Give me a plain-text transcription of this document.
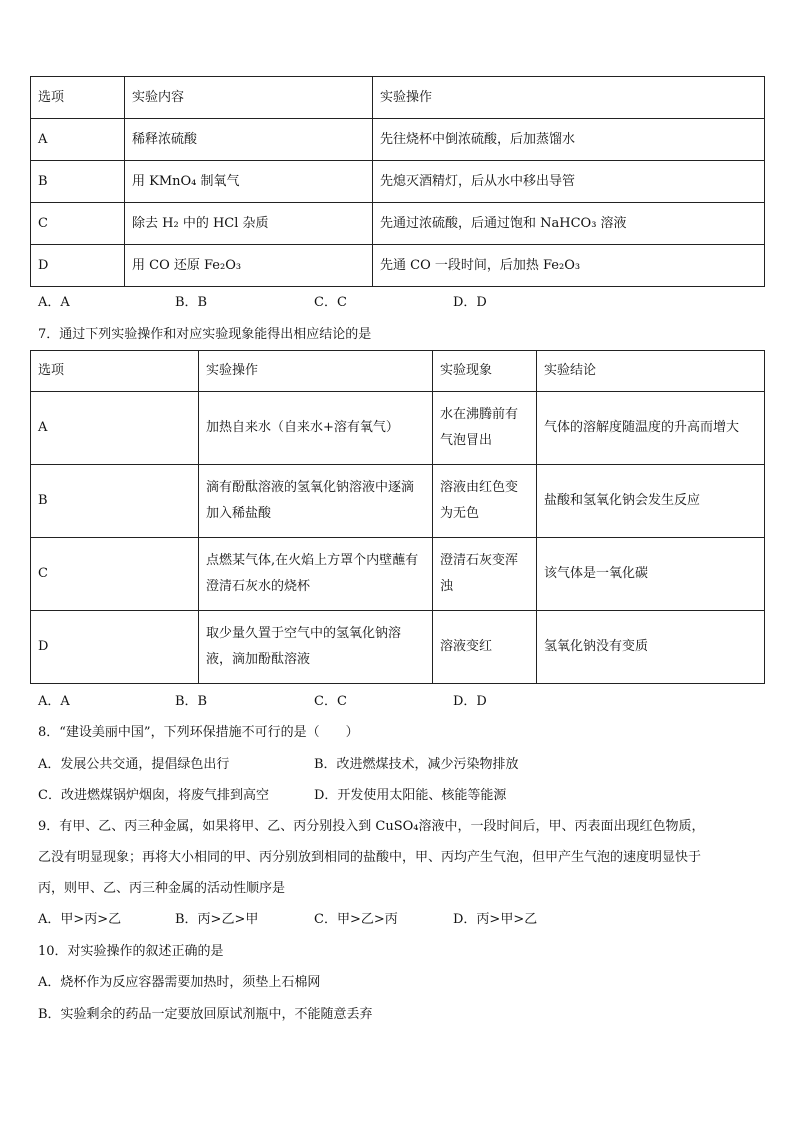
选项	实验内容	实验操作
A	稀释浓硫酸	先往烧杯中倒浓硫酸，后加蒸馏水
B	用 KMnO₄ 制氧气	先熄灭酒精灯，后从水中移出导管
C	除去 H₂ 中的 HCl 杂质	先通过浓硫酸，后通过饱和 NaHCO₃ 溶液
D	用 CO 还原 Fe₂O₃	先通 CO 一段时间，后加热 Fe₂O₃
A．A	B．B	C．C	D．D
7．通过下列实验操作和对应实验现象能得出相应结论的是
选项	实验操作	实验现象	实验结论
A	加热自来水（自来水+溶有氧气）	水在沸腾前有气泡冒出	气体的溶解度随温度的升高而增大
B	滴有酚酞溶液的氢氧化钠溶液中逐滴加入稀盐酸	溶液由红色变为无色	盐酸和氢氧化钠会发生反应
C	点燃某气体,在火焰上方罩个内壁蘸有澄清石灰水的烧杯	澄清石灰变浑浊	该气体是一氧化碳
D	取少量久置于空气中的氢氧化钠溶液，滴加酚酞溶液	溶液变红	氢氧化钠没有变质
A．A	B．B	C．C	D．D
8．“建设美丽中国”，下列环保措施不可行的是（　　）
A．发展公共交通，提倡绿色出行	B．改进燃煤技术，减少污染物排放
C．改进燃煤锅炉烟囱，将废气排到高空	D．开发使用太阳能、核能等能源
9．有甲、乙、丙三种金属，如果将甲、乙、丙分别投入到 CuSO₄溶液中，一段时间后，甲、丙表面出现红色物质，
乙没有明显现象；再将大小相同的甲、丙分别放到相同的盐酸中，甲、丙均产生气泡，但甲产生气泡的速度明显快于
丙，则甲、乙、丙三种金属的活动性顺序是
A．甲>丙>乙	B．丙>乙>甲	C．甲>乙>丙	D．丙>甲>乙
10．对实验操作的叙述正确的是
A．烧杯作为反应容器需要加热时，须垫上石棉网
B．实验剩余的药品一定要放回原试剂瓶中，不能随意丢弃
